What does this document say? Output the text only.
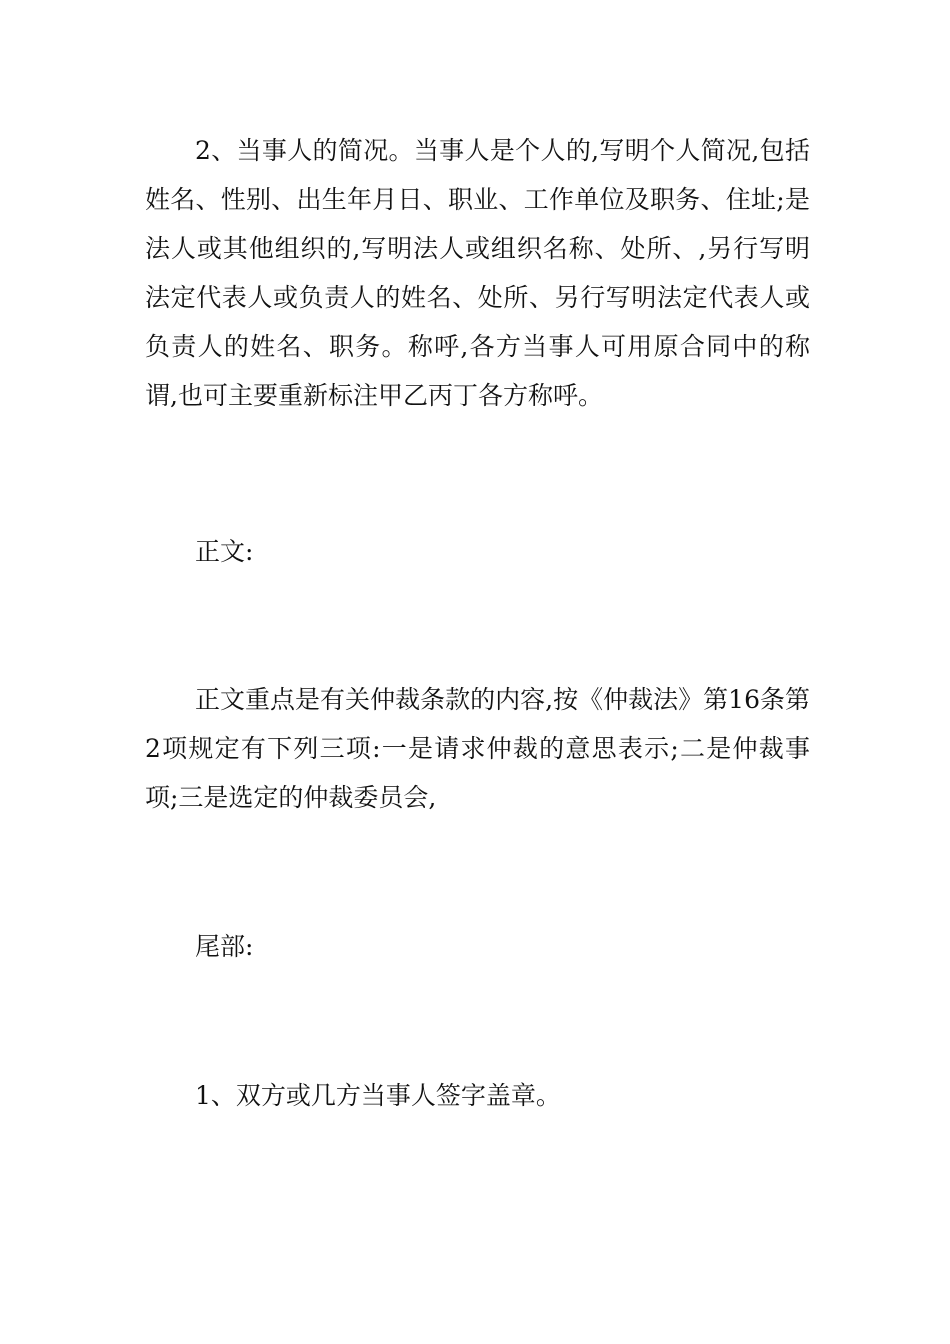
2、当事人的简况。当事人是个人的,写明个人简况,包括姓名、性别、出生年月日、职业、工作单位及职务、住址;是法人或其他组织的,写明法人或组织名称、处所、,另行写明法定代表人或负责人的姓名、处所、另行写明法定代表人或负责人的姓名、职务。称呼,各方当事人可用原合同中的称谓,也可主要重新标注甲乙丙丁各方称呼。

正文:

正文重点是有关仲裁条款的内容,按《仲裁法》第16条第2项规定有下列三项:一是请求仲裁的意思表示;二是仲裁事项;三是选定的仲裁委员会,

尾部:

1、双方或几方当事人签字盖章。
